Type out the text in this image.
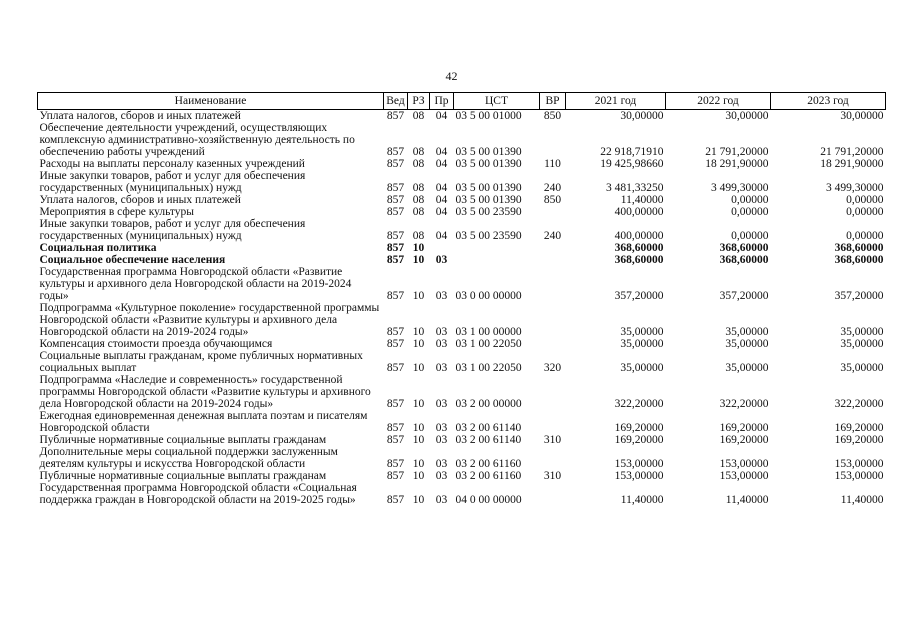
42
Наименование	Вед	РЗ	Пр	ЦСТ	ВР	2021 год	2022 год	2023 год
Уплата налогов, сборов и иных платежей	857	08	04	03 5 00 01000	850	30,00000	30,00000	30,00000
Обеспечение деятельности учреждений, осуществляющих комплексную административно-хозяйственную деятельность по обеспечению работы учреждений	857	08	04	03 5 00 01390		22 918,71910	21 791,20000	21 791,20000
Расходы на выплаты персоналу казенных учреждений	857	08	04	03 5 00 01390	110	19 425,98660	18 291,90000	18 291,90000
Иные закупки товаров, работ и услуг для обеспечения государственных (муниципальных) нужд	857	08	04	03 5 00 01390	240	3 481,33250	3 499,30000	3 499,30000
Уплата налогов, сборов и иных платежей	857	08	04	03 5 00 01390	850	11,40000	0,00000	0,00000
Мероприятия в сфере культуры	857	08	04	03 5 00 23590		400,00000	0,00000	0,00000
Иные закупки товаров, работ и услуг для обеспечения государственных (муниципальных) нужд	857	08	04	03 5 00 23590	240	400,00000	0,00000	0,00000
Социальная политика	857	10				368,60000	368,60000	368,60000
Социальное обеспечение населения	857	10	03			368,60000	368,60000	368,60000
Государственная программа Новгородской области «Развитие культуры и архивного дела Новгородской области на 2019-2024 годы»	857	10	03	03 0 00 00000		357,20000	357,20000	357,20000
Подпрограмма «Культурное поколение» государственной программы Новгородской области «Развитие культуры и архивного дела Новгородской области на 2019-2024 годы»	857	10	03	03 1 00 00000		35,00000	35,00000	35,00000
Компенсация стоимости проезда обучающимся	857	10	03	03 1 00 22050		35,00000	35,00000	35,00000
Социальные выплаты гражданам, кроме публичных нормативных социальных выплат	857	10	03	03 1 00 22050	320	35,00000	35,00000	35,00000
Подпрограмма «Наследие и современность» государственной программы Новгородской области «Развитие культуры и архивного дела Новгородской области на 2019-2024 годы»	857	10	03	03 2 00 00000		322,20000	322,20000	322,20000
Ежегодная единовременная денежная выплата поэтам и писателям Новгородской области	857	10	03	03 2 00 61140		169,20000	169,20000	169,20000
Публичные нормативные социальные выплаты гражданам	857	10	03	03 2 00 61140	310	169,20000	169,20000	169,20000
Дополнительные меры социальной поддержки заслуженным деятелям культуры и искусства Новгородской области	857	10	03	03 2 00 61160		153,00000	153,00000	153,00000
Публичные нормативные социальные выплаты гражданам	857	10	03	03 2 00 61160	310	153,00000	153,00000	153,00000
Государственная программа Новгородской области «Социальная поддержка граждан в Новгородской области на 2019-2025 годы»	857	10	03	04 0 00 00000		11,40000	11,40000	11,40000
